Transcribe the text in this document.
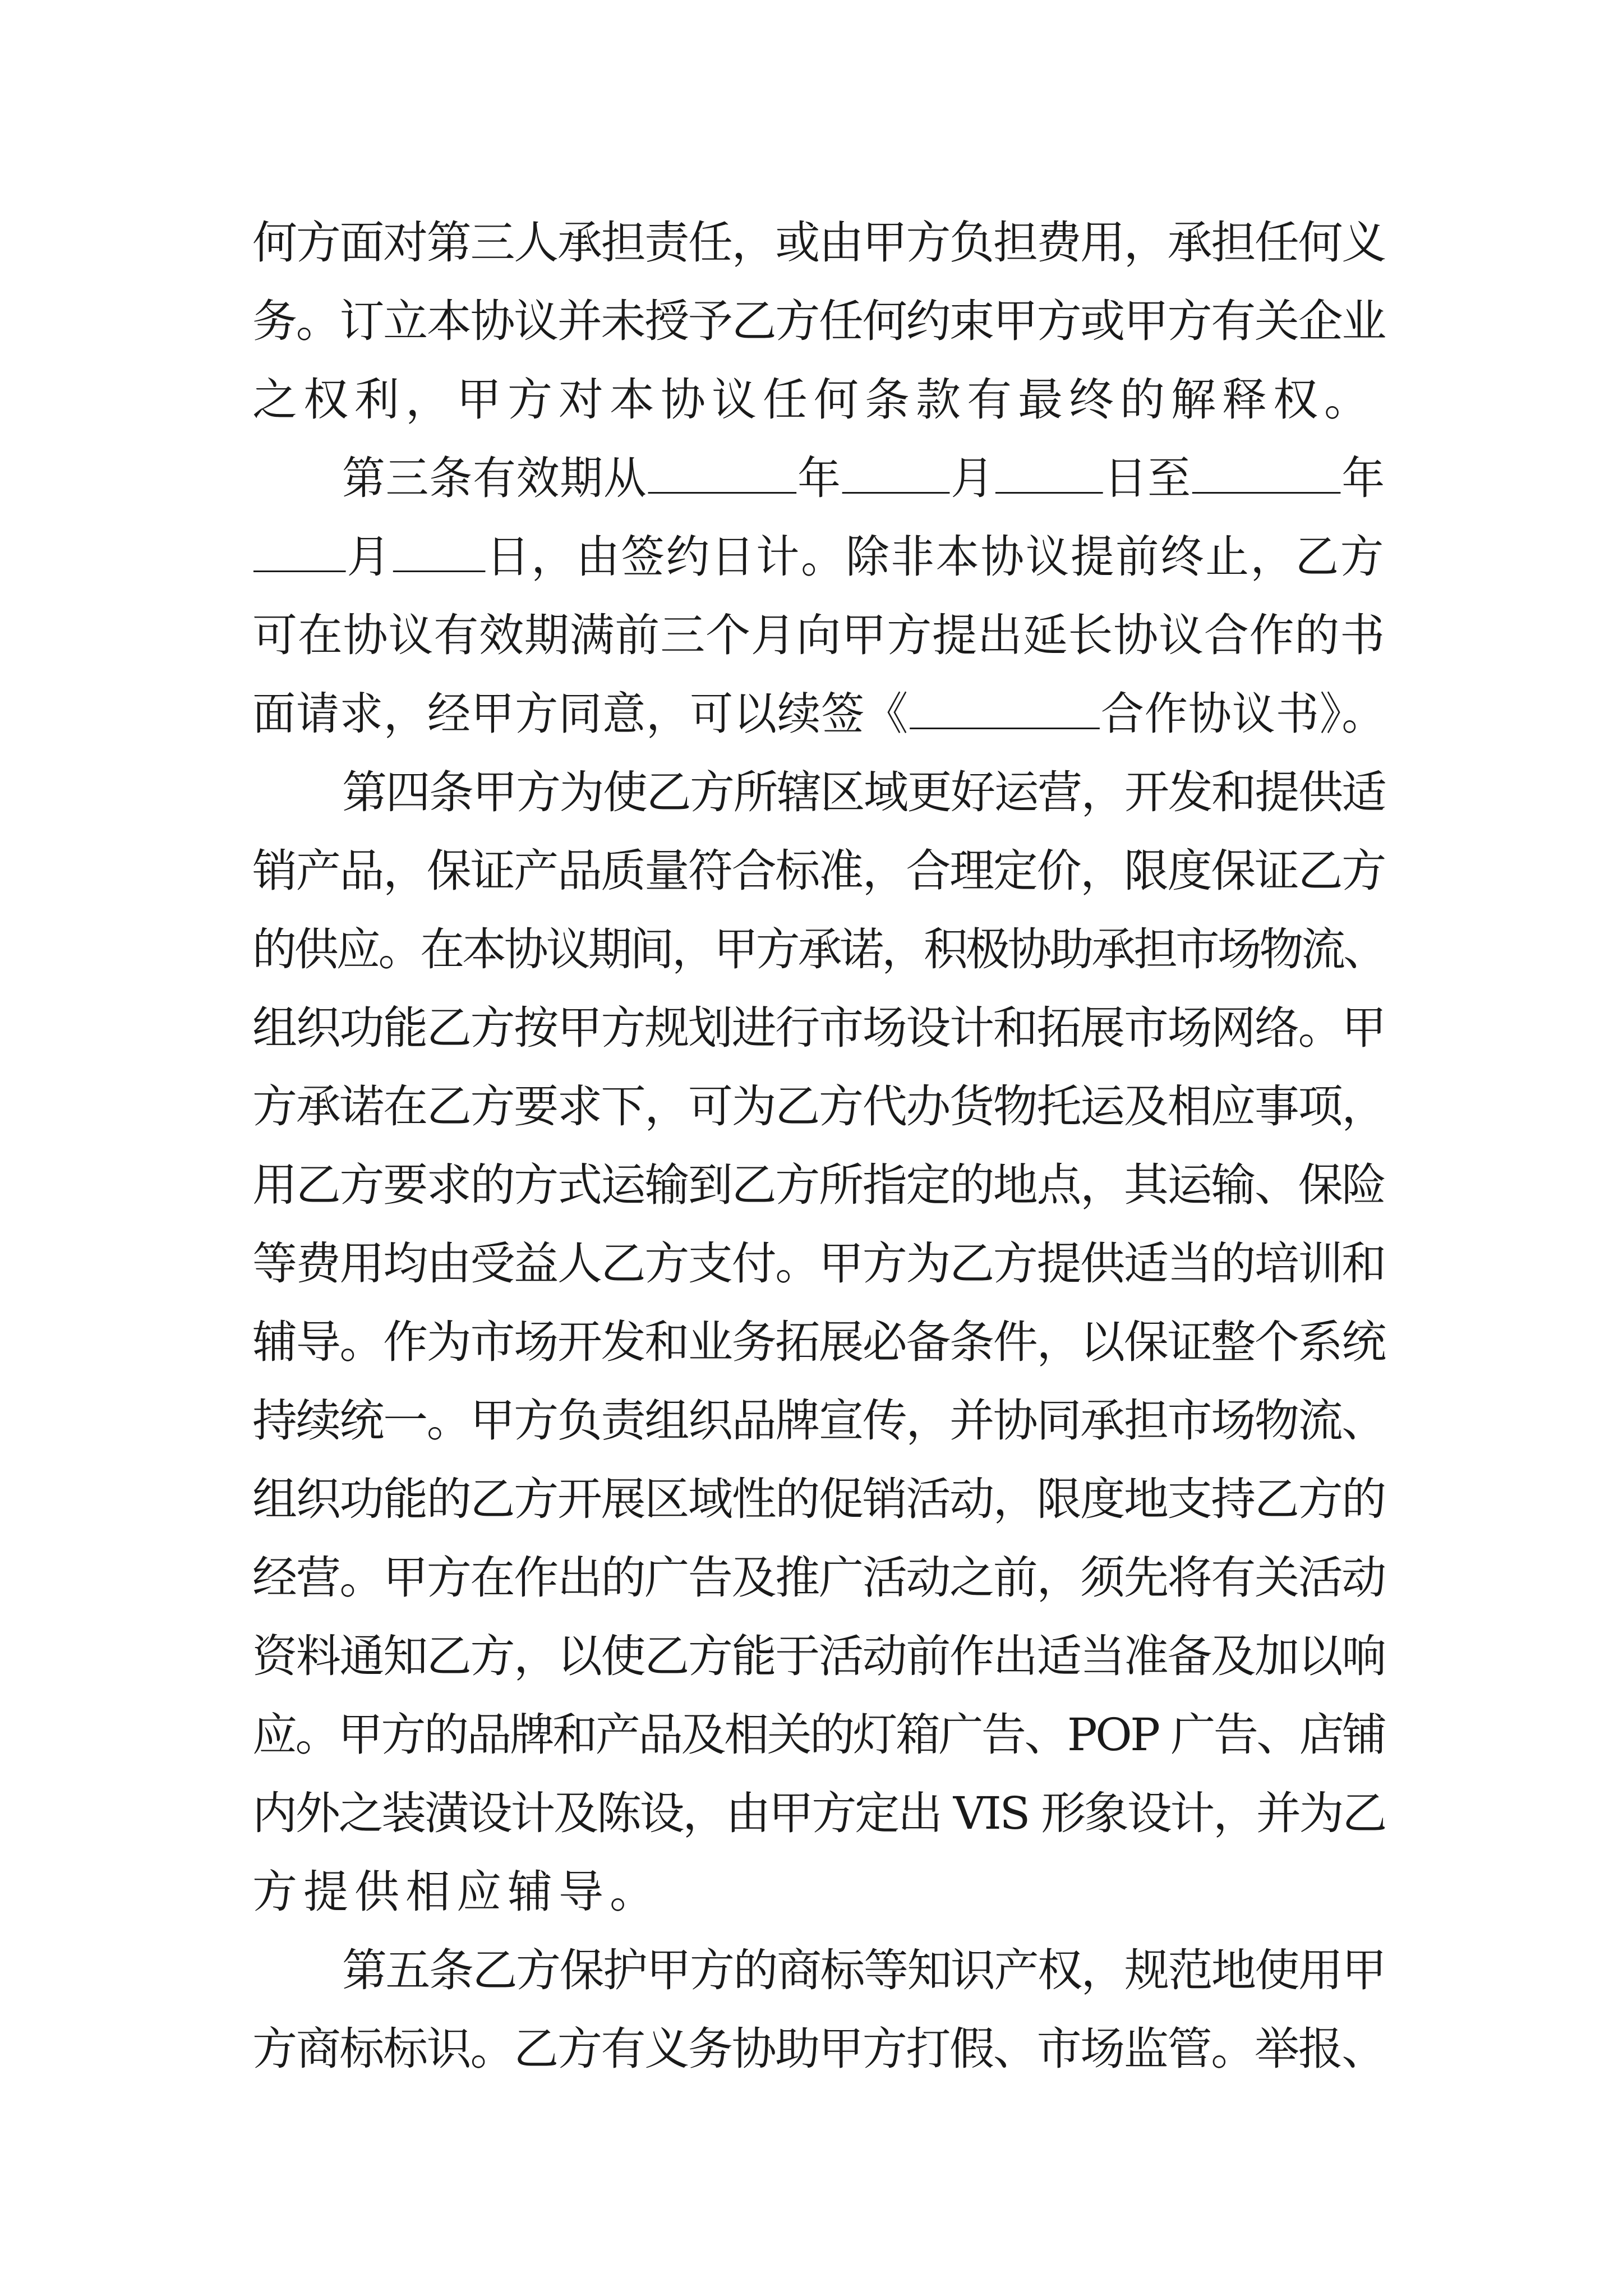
何方面对第三人承担责任，或由甲方负担费用，承担任何义
务。订立本协议并未授予乙方任何约束甲方或甲方有关企业
之权利，甲方对本协议任何条款有最终的解释权。
第三条有效期从	年 月 日至	年
月 日，由签约日计。除非本协议提前终止，乙方
可在协议有效期满前三个月向甲方提出延长协议合作的书
面请求，经甲方同意，可以续签《	合作协议书》。
第四条甲方为使乙方所辖区域更好运营，开发和提供适
销产品，保证产品质量符合标准，合理定价，限度保证乙方
的供应。在本协议期间，甲方承诺，积极协助承担市场物流、
组织功能乙方按甲方规划进行市场设计和拓展市场网络。甲
方承诺在乙方要求下，可为乙方代办货物托运及相应事项，
用乙方要求的方式运输到乙方所指定的地点，其运输、保险
等费用均由受益人乙方支付。甲方为乙方提供适当的培训和
辅导。作为市场开发和业务拓展必备条件，以保证整个系统
持续统一。甲方负责组织品牌宣传，并协同承担市场物流、
组织功能的乙方开展区域性的促销活动，限度地支持乙方的
经营。甲方在作出的广告及推广活动之前，须先将有关活动
资料通知乙方，以使乙方能于活动前作出适当准备及加以响
应。甲方的品牌和产品及相关的灯箱广告、POP 广告、店铺
内外之装潢设计及陈设，由甲方定出 VIS 形象设计，并为乙
方提供相应辅导。
第五条乙方保护甲方的商标等知识产权，规范地使用甲
方商标标识。乙方有义务协助甲方打假、市场监管。举报、
